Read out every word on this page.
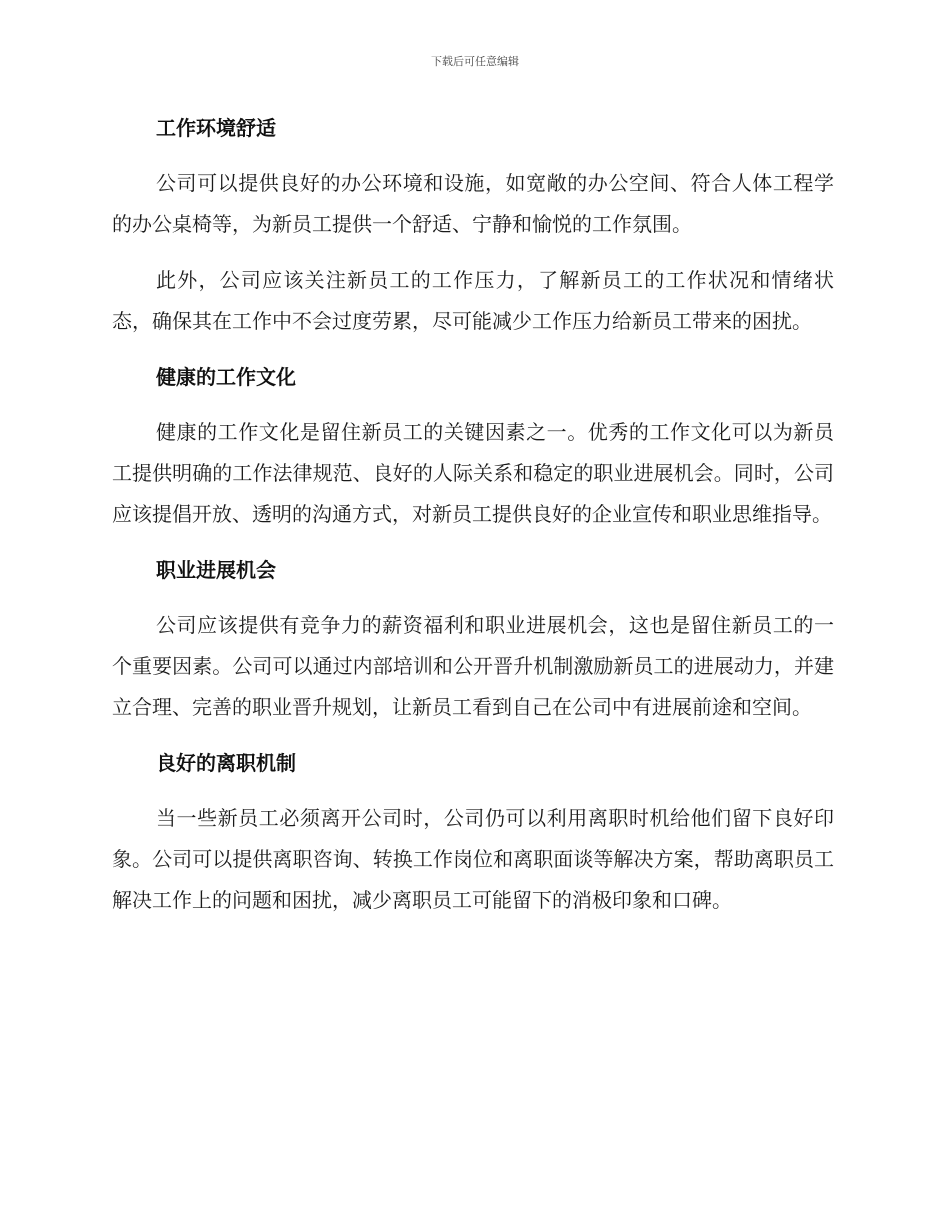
下载后可任意编辑
工作环境舒适

公司可以提供良好的办公环境和设施，如宽敞的办公空间、符合人体工程学的办公桌椅等，为新员工提供一个舒适、宁静和愉悦的工作氛围。

此外，公司应该关注新员工的工作压力，了解新员工的工作状况和情绪状态，确保其在工作中不会过度劳累，尽可能减少工作压力给新员工带来的困扰。

健康的工作文化

健康的工作文化是留住新员工的关键因素之一。优秀的工作文化可以为新员工提供明确的工作法律规范、良好的人际关系和稳定的职业进展机会。同时，公司应该提倡开放、透明的沟通方式，对新员工提供良好的企业宣传和职业思维指导。

职业进展机会

公司应该提供有竞争力的薪资福利和职业进展机会，这也是留住新员工的一个重要因素。公司可以通过内部培训和公开晋升机制激励新员工的进展动力，并建立合理、完善的职业晋升规划，让新员工看到自己在公司中有进展前途和空间。

良好的离职机制

当一些新员工必须离开公司时，公司仍可以利用离职时机给他们留下良好印象。公司可以提供离职咨询、转换工作岗位和离职面谈等解决方案，帮助离职员工解决工作上的问题和困扰，减少离职员工可能留下的消极印象和口碑。
